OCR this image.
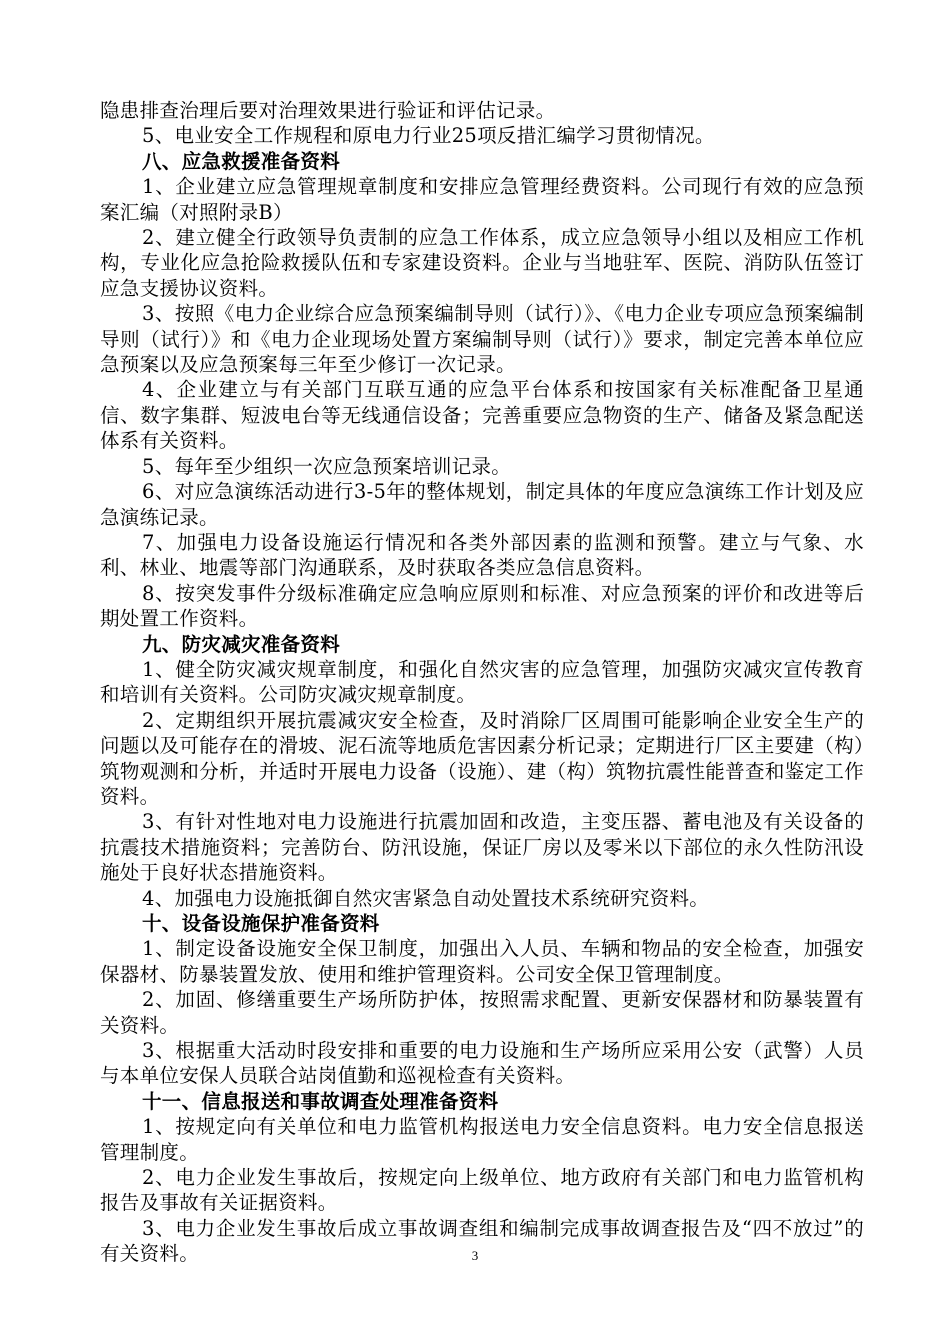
隐患排查治理后要对治理效果进行验证和评估记录。

5、电业安全工作规程和原电力行业25项反措汇编学习贯彻情况。

八、应急救援准备资料

1、企业建立应急管理规章制度和安排应急管理经费资料。公司现行有效的应急预案汇编（对照附录B）

2、建立健全行政领导负责制的应急工作体系，成立应急领导小组以及相应工作机构，专业化应急抢险救援队伍和专家建设资料。企业与当地驻军、医院、消防队伍签订应急支援协议资料。

3、按照《电力企业综合应急预案编制导则（试行）》、《电力企业专项应急预案编制导则（试行）》和《电力企业现场处置方案编制导则（试行）》要求，制定完善本单位应急预案以及应急预案每三年至少修订一次记录。

4、企业建立与有关部门互联互通的应急平台体系和按国家有关标准配备卫星通信、数字集群、短波电台等无线通信设备；完善重要应急物资的生产、储备及紧急配送体系有关资料。

5、每年至少组织一次应急预案培训记录。

6、对应急演练活动进行3-5年的整体规划，制定具体的年度应急演练工作计划及应急演练记录。

7、加强电力设备设施运行情况和各类外部因素的监测和预警。建立与气象、水利、林业、地震等部门沟通联系，及时获取各类应急信息资料。

8、按突发事件分级标准确定应急响应原则和标准、对应急预案的评价和改进等后期处置工作资料。

九、防灾减灾准备资料

1、健全防灾减灾规章制度，和强化自然灾害的应急管理，加强防灾减灾宣传教育和培训有关资料。公司防灾减灾规章制度。

2、定期组织开展抗震减灾安全检查，及时消除厂区周围可能影响企业安全生产的问题以及可能存在的滑坡、泥石流等地质危害因素分析记录；定期进行厂区主要建（构）筑物观测和分析，并适时开展电力设备（设施）、建（构）筑物抗震性能普查和鉴定工作资料。

3、有针对性地对电力设施进行抗震加固和改造，主变压器、蓄电池及有关设备的抗震技术措施资料；完善防台、防汛设施，保证厂房以及零米以下部位的永久性防汛设施处于良好状态措施资料。

4、加强电力设施抵御自然灾害紧急自动处置技术系统研究资料。

十、设备设施保护准备资料

1、制定设备设施安全保卫制度，加强出入人员、车辆和物品的安全检查，加强安保器材、防暴装置发放、使用和维护管理资料。公司安全保卫管理制度。

2、加固、修缮重要生产场所防护体，按照需求配置、更新安保器材和防暴装置有关资料。

3、根据重大活动时段安排和重要的电力设施和生产场所应采用公安（武警）人员与本单位安保人员联合站岗值勤和巡视检查有关资料。

十一、信息报送和事故调查处理准备资料

1、按规定向有关单位和电力监管机构报送电力安全信息资料。电力安全信息报送管理制度。

2、电力企业发生事故后，按规定向上级单位、地方政府有关部门和电力监管机构报告及事故有关证据资料。

3、电力企业发生事故后成立事故调查组和编制完成事故调查报告及“四不放过”的有关资料。	3
